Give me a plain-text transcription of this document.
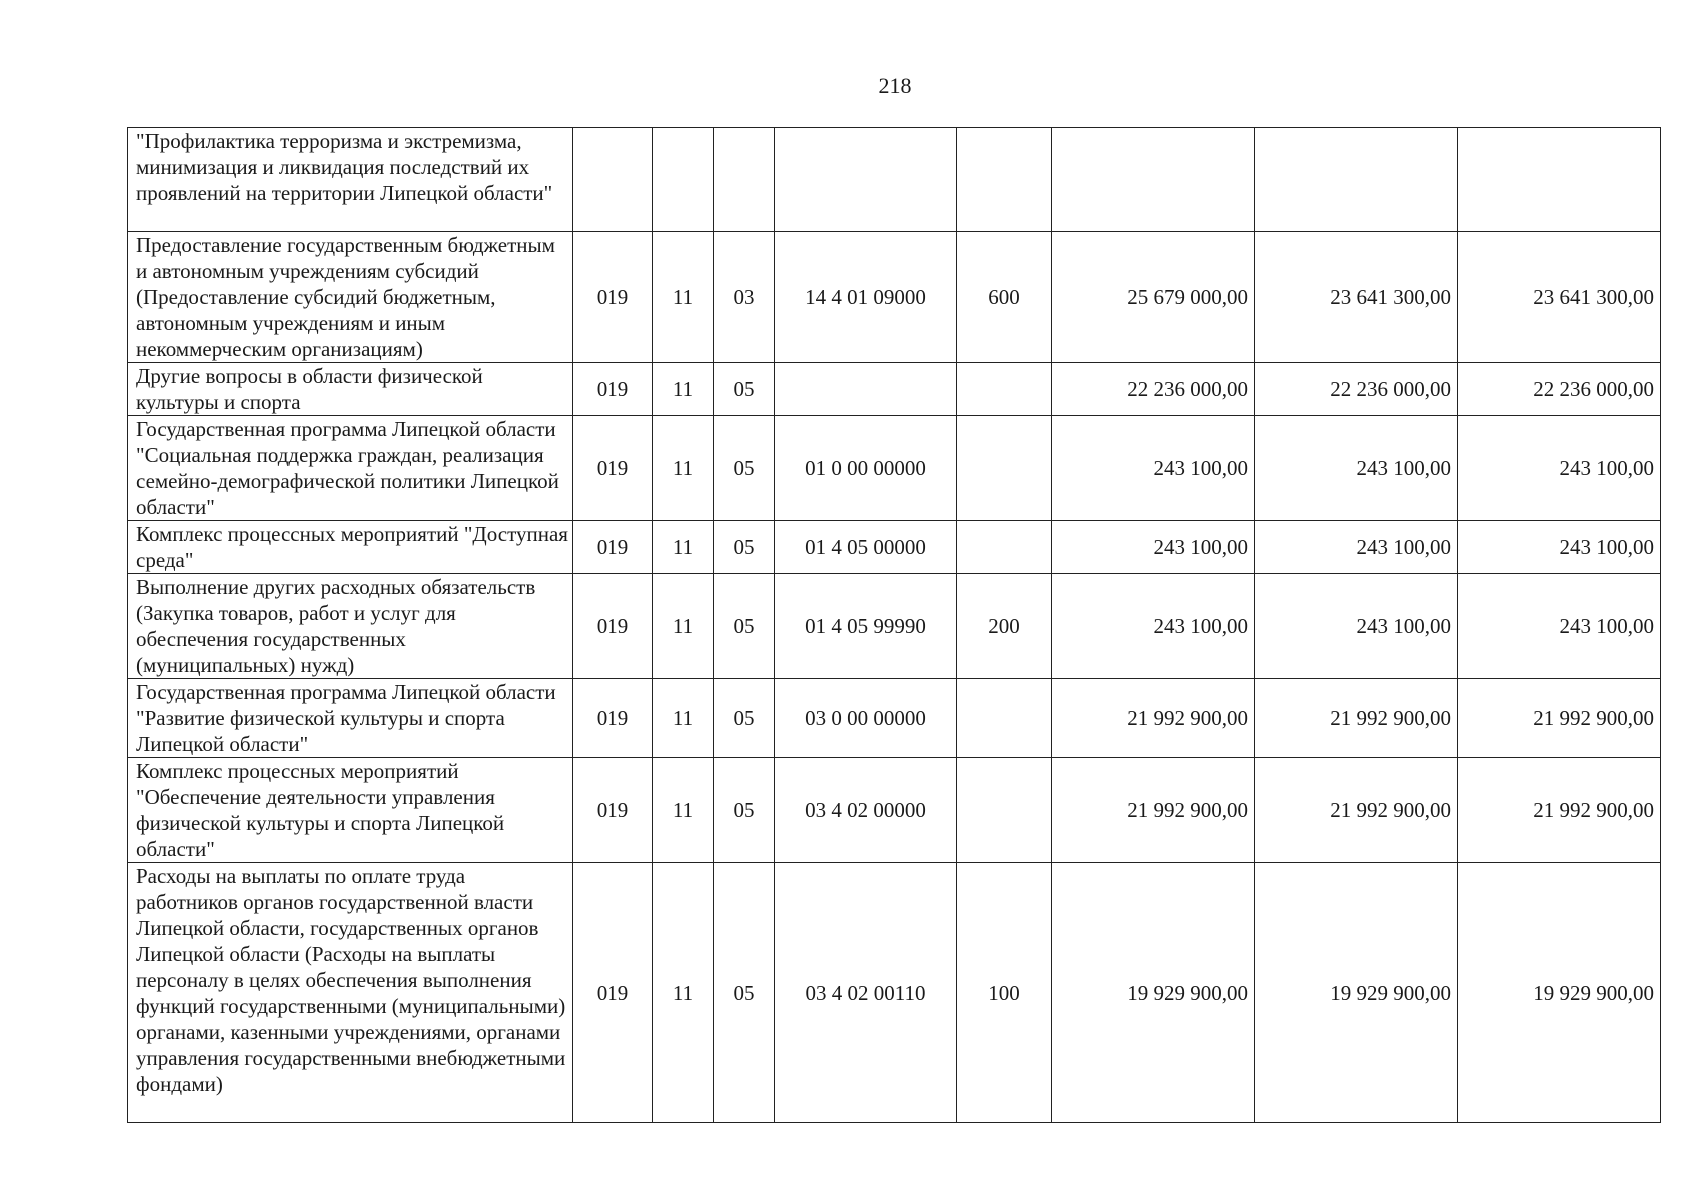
218
"Профилактика терроризма и экстремизма, минимизация и ликвидация последствий их проявлений на территории Липецкой области"								
Предоставление государственным бюджетным и автономным учреждениям субсидий (Предоставление субсидий бюджетным, автономным учреждениям и иным некоммерческим организациям)	019	11	03	14 4 01 09000	600	25 679 000,00	23 641 300,00	23 641 300,00
Другие вопросы в области физической культуры и спорта	019	11	05			22 236 000,00	22 236 000,00	22 236 000,00
Государственная программа Липецкой области "Социальная поддержка граждан, реализация семейно-демографической политики Липецкой области"	019	11	05	01 0 00 00000		243 100,00	243 100,00	243 100,00
Комплекс процессных мероприятий "Доступная среда"	019	11	05	01 4 05 00000		243 100,00	243 100,00	243 100,00
Выполнение других расходных обязательств (Закупка товаров, работ и услуг для обеспечения государственных (муниципальных) нужд)	019	11	05	01 4 05 99990	200	243 100,00	243 100,00	243 100,00
Государственная программа Липецкой области "Развитие физической культуры и спорта Липецкой области"	019	11	05	03 0 00 00000		21 992 900,00	21 992 900,00	21 992 900,00
Комплекс процессных мероприятий "Обеспечение деятельности управления физической культуры и спорта Липецкой области"	019	11	05	03 4 02 00000		21 992 900,00	21 992 900,00	21 992 900,00
Расходы на выплаты по оплате труда работников органов государственной власти Липецкой области, государственных органов Липецкой области (Расходы на выплаты персоналу в целях обеспечения выполнения функций государственными (муниципальными) органами, казенными учреждениями, органами управления государственными внебюджетными фондами)	019	11	05	03 4 02 00110	100	19 929 900,00	19 929 900,00	19 929 900,00
